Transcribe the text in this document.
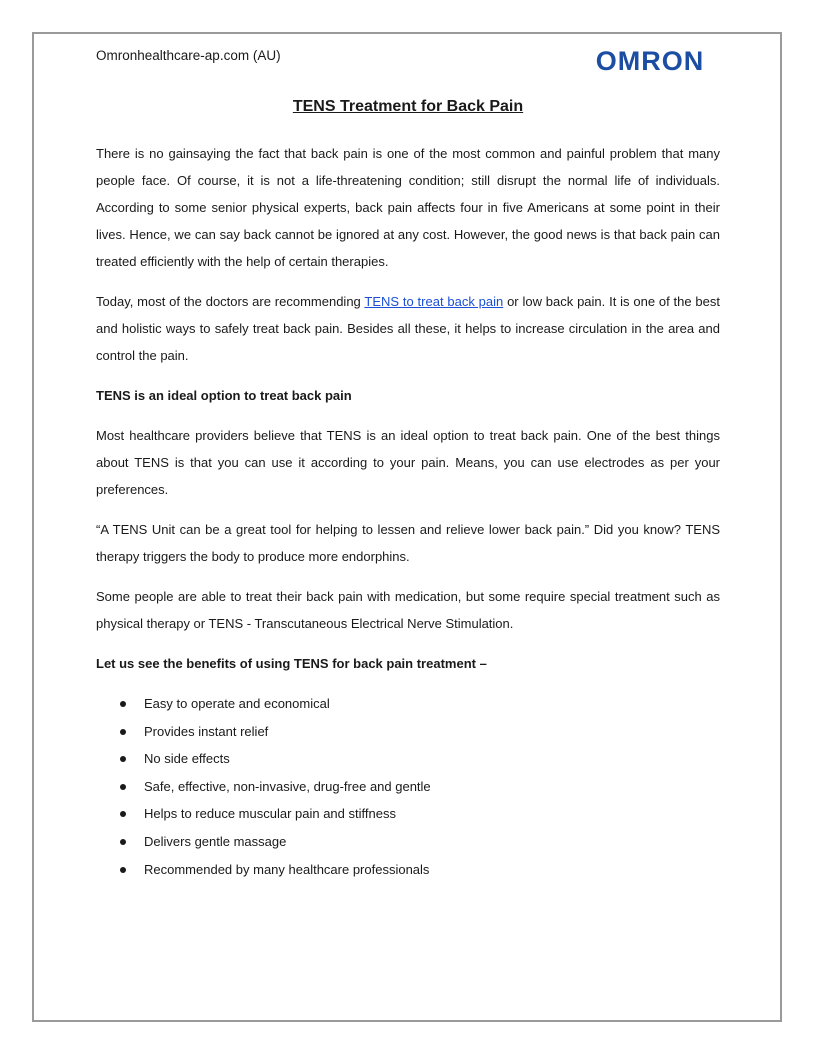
Omronhealthcare-ap.com (AU)	OMRON
TENS Treatment for Back Pain

There is no gainsaying the fact that back pain is one of the most common and painful problem that many people face. Of course, it is not a life-threatening condition; still disrupt the normal life of individuals. According to some senior physical experts, back pain affects four in five Americans at some point in their lives. Hence, we can say back cannot be ignored at any cost. However, the good news is that back pain can treated efficiently with the help of certain therapies.

Today, most of the doctors are recommending TENS to treat back pain or low back pain. It is one of the best and holistic ways to safely treat back pain. Besides all these, it helps to increase circulation in the area and control the pain.

TENS is an ideal option to treat back pain

Most healthcare providers believe that TENS is an ideal option to treat back pain. One of the best things about TENS is that you can use it according to your pain. Means, you can use electrodes as per your preferences.

“A TENS Unit can be a great tool for helping to lessen and relieve lower back pain.” Did you know? TENS therapy triggers the body to produce more endorphins.

Some people are able to treat their back pain with medication, but some require special treatment such as physical therapy or TENS - Transcutaneous Electrical Nerve Stimulation.

Let us see the benefits of using TENS for back pain treatment –

Easy to operate and economical
Provides instant relief
No side effects
Safe, effective, non-invasive, drug-free and gentle
Helps to reduce muscular pain and stiffness
Delivers gentle massage
Recommended by many healthcare professionals
